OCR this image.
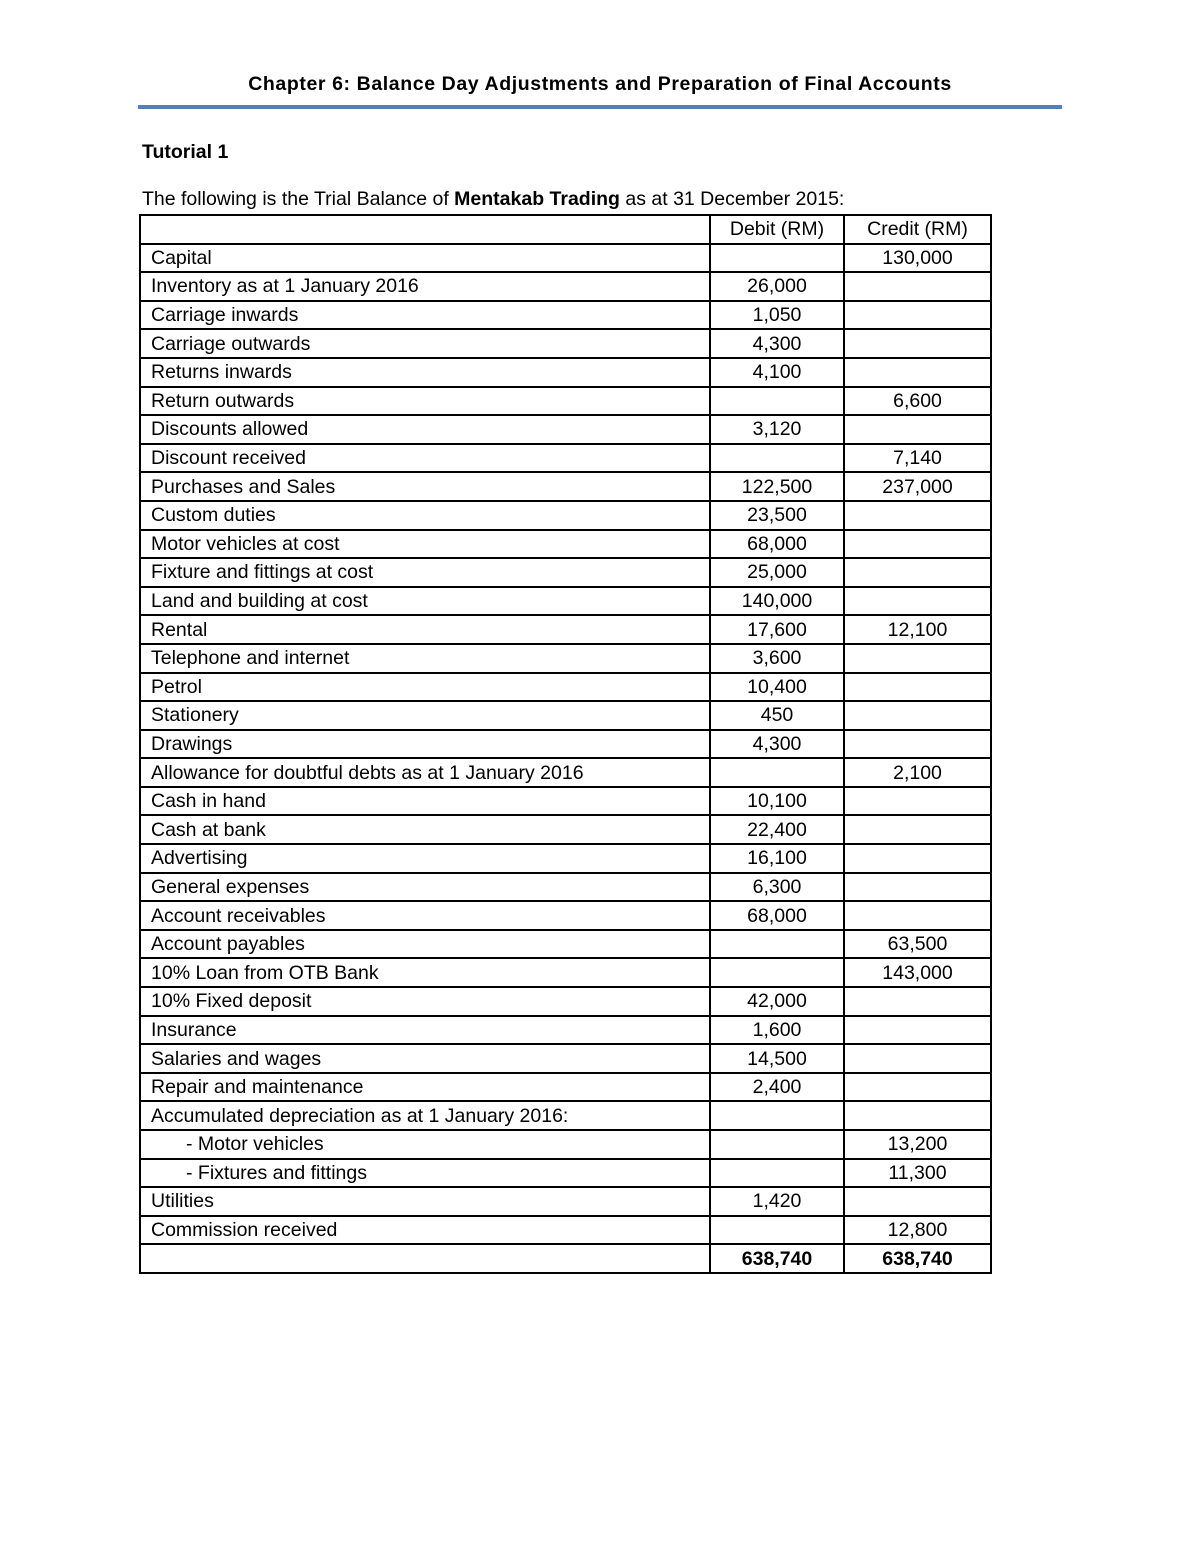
Chapter 6: Balance Day Adjustments and Preparation of Final Accounts
Tutorial 1
The following is the Trial Balance of Mentakab Trading as at 31 December 2015:
	Debit (RM)	Credit (RM)
Capital		130,000
Inventory as at 1 January 2016	26,000	
Carriage inwards	1,050	
Carriage outwards	4,300	
Returns inwards	4,100	
Return outwards		6,600
Discounts allowed	3,120	
Discount received		7,140
Purchases and Sales	122,500	237,000
Custom duties	23,500	
Motor vehicles at cost	68,000	
Fixture and fittings at cost	25,000	
Land and building at cost	140,000	
Rental	17,600	12,100
Telephone and internet	3,600	
Petrol	10,400	
Stationery	450	
Drawings	4,300	
Allowance for doubtful debts as at 1 January 2016		2,100
Cash in hand	10,100	
Cash at bank	22,400	
Advertising	16,100	
General expenses	6,300	
Account receivables	68,000	
Account payables		63,500
10% Loan from OTB Bank		143,000
10% Fixed deposit	42,000	
Insurance	1,600	
Salaries and wages	14,500	
Repair and maintenance	2,400	
Accumulated depreciation as at 1 January 2016:		
- Motor vehicles		13,200
- Fixtures and fittings		11,300
Utilities	1,420	
Commission received		12,800
	638,740	638,740
